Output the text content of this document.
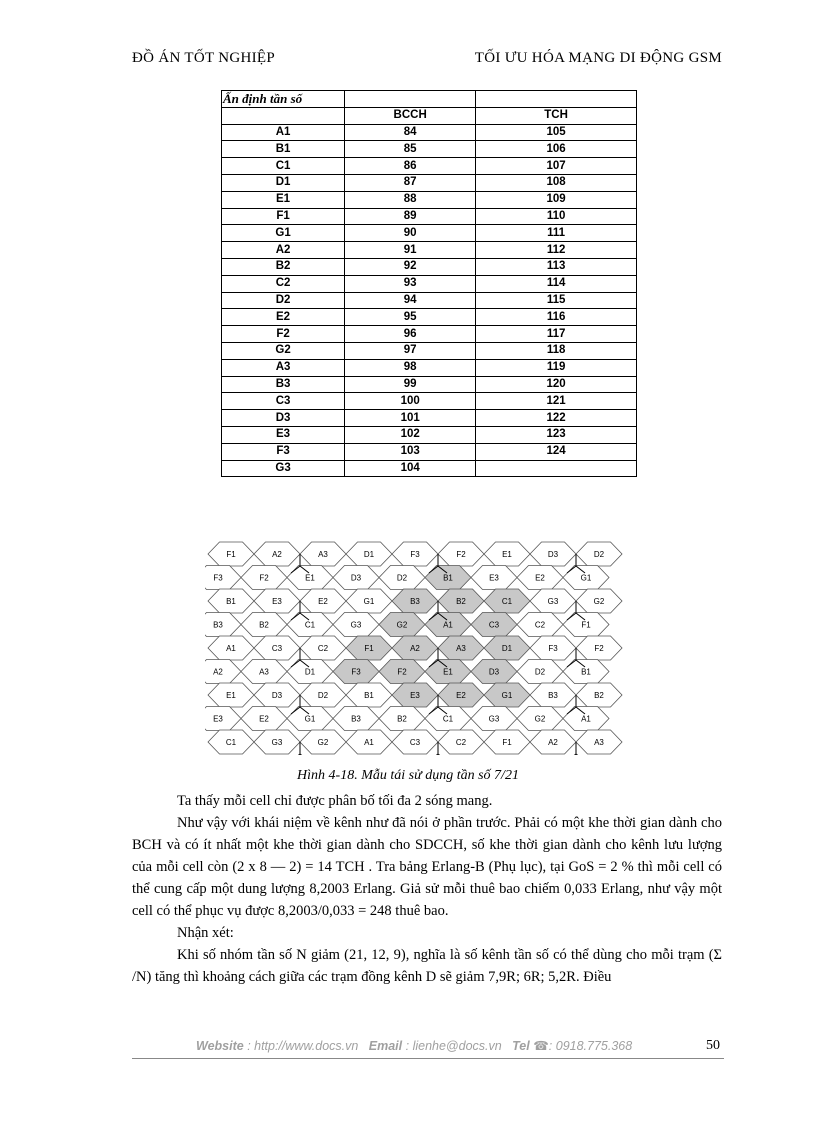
ĐỒ ÁN TỐT NGHIỆP	TỐI ƯU HÓA MẠNG DI ĐỘNG GSM
Ấn định tần số		
	BCCH	TCH
A1	84	105
B1	85	106
C1	86	107
D1	87	108
E1	88	109
F1	89	110
G1	90	111
A2	91	112
B2	92	113
C2	93	114
D2	94	115
E2	95	116
F2	96	117
G2	97	118
A3	98	119
B3	99	120
C3	100	121
D3	101	122
E3	102	123
F3	103	124
G3	104	
F1	A2	A3	D1	F3	F2	E1	D3	D2
F3	F2	E1	D3	D2	B1	E3	E2	G1
B1	E3	E2	G1	B3	B2	C1	G3	G2
B3	B2	C1	G3	G2	A1	C3	C2	F1
A1	C3	C2	F1	A2	A3	D1	F3	F2
A2	A3	D1	F3	F2	E1	D3	D2	B1
E1	D3	D2	B1	E3	E2	G1	B3	B2
E3	E2	G1	B3	B2	C1	G3	G2	A1
C1	G3	G2	A1	C3	C2	F1	A2	A3
Hình 4-18. Mẫu tái sử dụng tần số 7/21
Ta thấy mỗi cell chỉ được phân bố tối đa 2 sóng mang.
Như vậy với khái niệm về kênh như đã nói ở phần trước. Phải có một khe thời gian dành cho BCH và có ít nhất một khe thời gian dành cho SDCCH, số khe thời gian dành cho kênh lưu lượng của mỗi cell còn (2 x 8 — 2) = 14 TCH . Tra bảng Erlang-B (Phụ lục), tại GoS = 2 % thì mỗi cell có thể cung cấp một dung lượng 8,2003 Erlang. Giả sử mỗi thuê bao chiếm 0,033 Erlang, như vậy một cell có thể phục vụ được 8,2003/0,033 = 248 thuê bao.
Nhận xét:
Khi số nhóm tần số N giảm (21, 12, 9), nghĩa là số kênh tần số có thể dùng cho mỗi trạm (Σ /N) tăng thì khoảng cách giữa các trạm đồng kênh D sẽ giảm 7,9R; 6R; 5,2R. Điều
Website : http://www.docs.vn Email : lienhe@docs.vn Tel ☎: 0918.775.368	50
